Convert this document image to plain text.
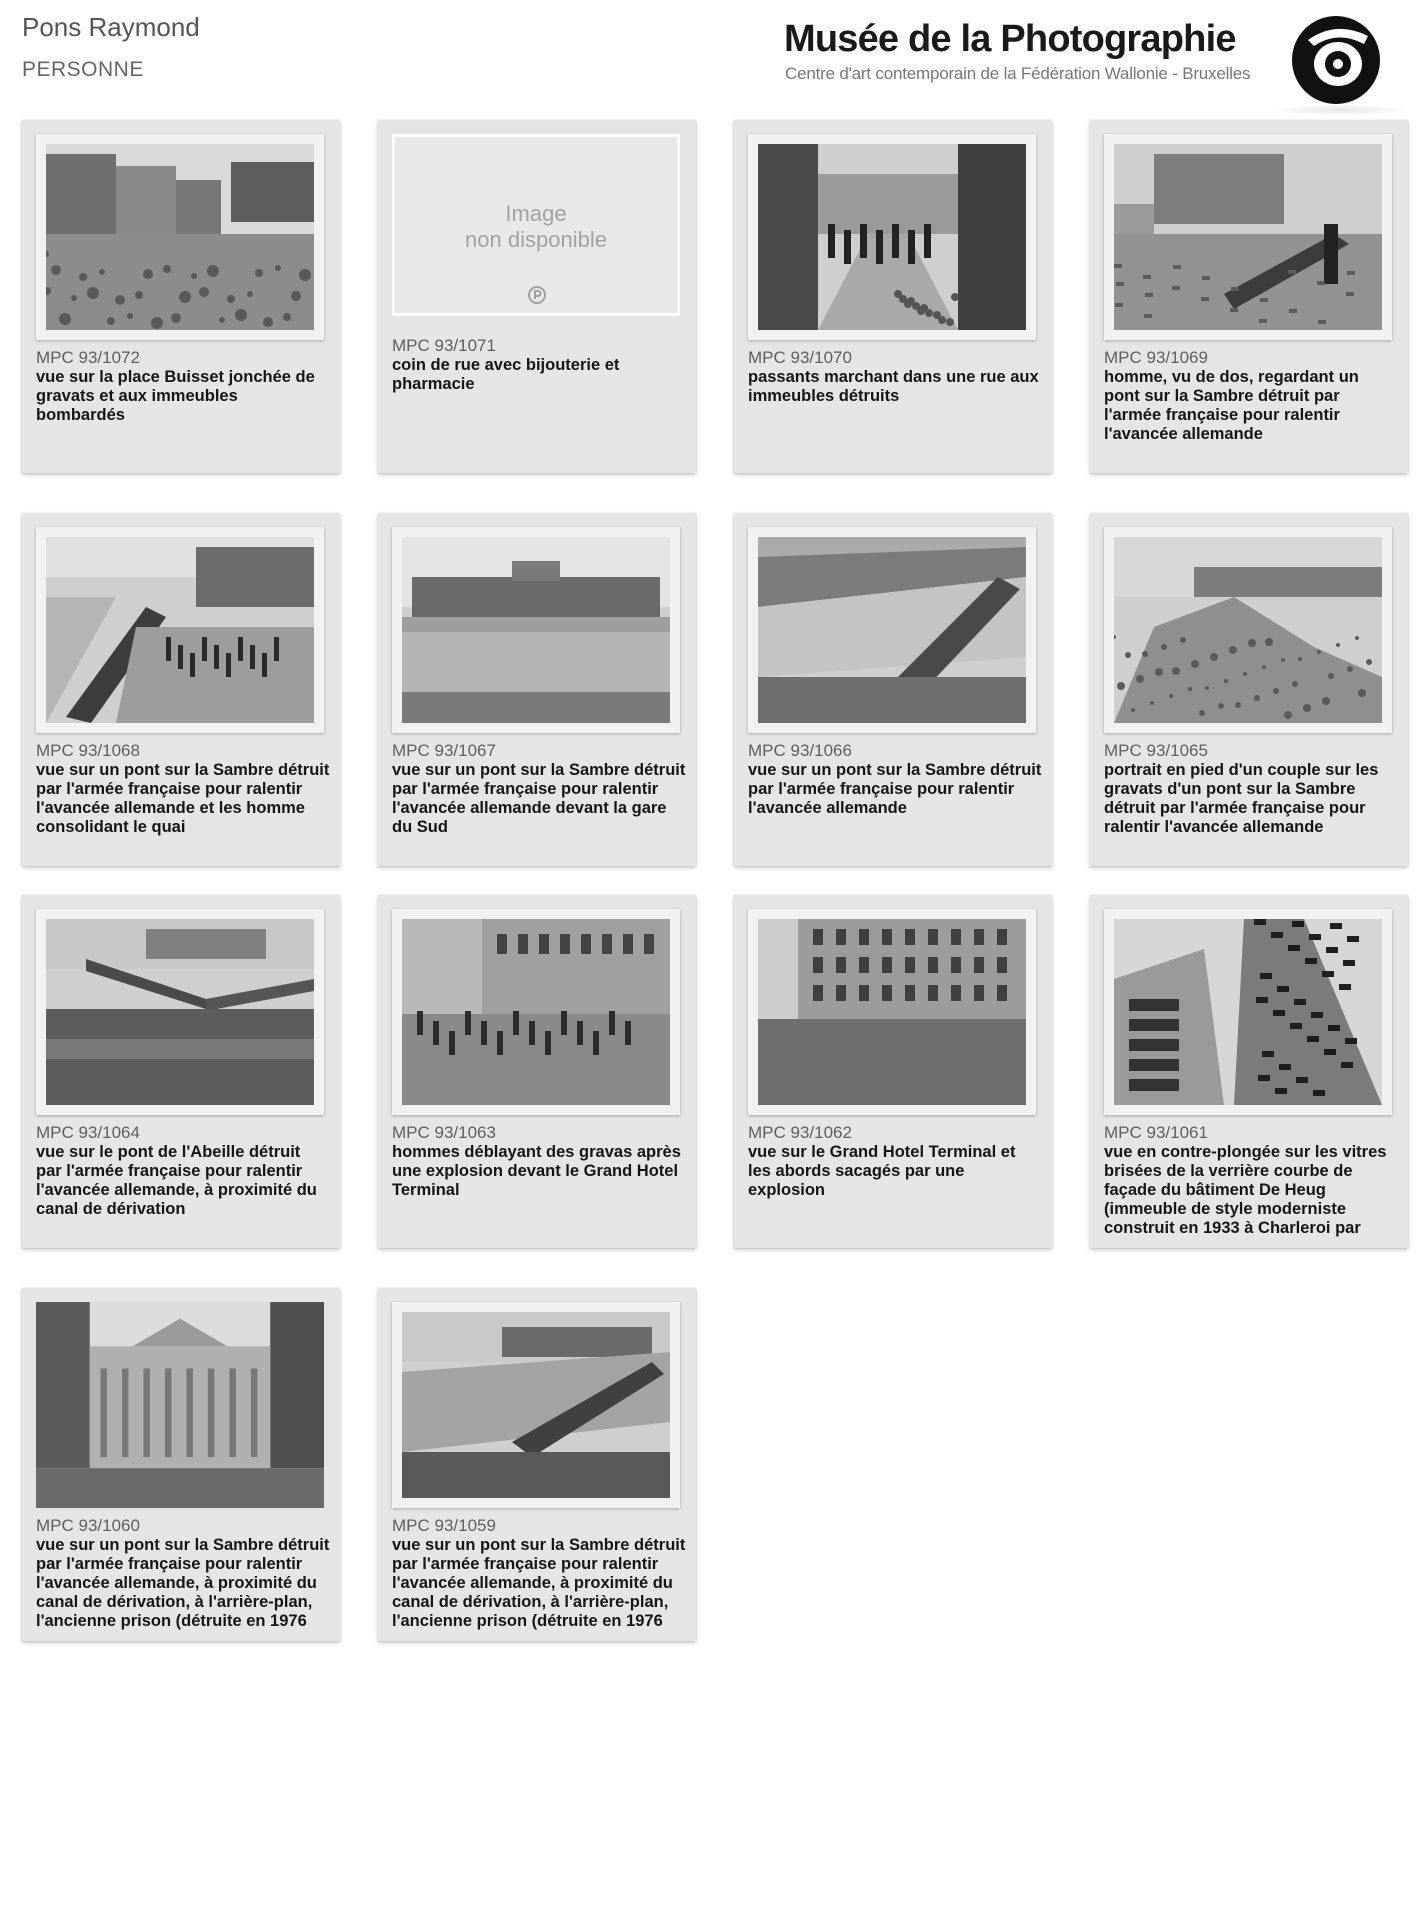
Pons Raymond
PERSONNE
Musée de la Photographie
Centre d'art contemporain de la Fédération Wallonie - Bruxelles
MPC 93/1072
vue sur la place Buisset jonchée de gravats et aux immeubles bombardés
Image
non disponible
MPC 93/1071
coin de rue avec bijouterie et pharmacie
MPC 93/1070
passants marchant dans une rue aux immeubles détruits
MPC 93/1069
homme, vu de dos, regardant un pont sur la Sambre détruit par l'armée française pour ralentir l'avancée allemande
MPC 93/1068
vue sur un pont sur la Sambre détruit par l'armée française pour ralentir l'avancée allemande et les homme consolidant le quai
MPC 93/1067
vue sur un pont sur la Sambre détruit par l'armée française pour ralentir l'avancée allemande devant la gare du Sud
MPC 93/1066
vue sur un pont sur la Sambre détruit par l'armée française pour ralentir l'avancée allemande
MPC 93/1065
portrait en pied d'un couple sur les gravats d'un pont sur la Sambre détruit par l'armée française pour ralentir l'avancée allemande
MPC 93/1064
vue sur le pont de l'Abeille détruit par l'armée française pour ralentir l'avancée allemande, à proximité du canal de dérivation
MPC 93/1063
hommes déblayant des gravas après une explosion devant le Grand Hotel Terminal
MPC 93/1062
vue sur le Grand Hotel Terminal et les abords sacagés par une explosion
MPC 93/1061
vue en contre-plongée sur les vitres brisées de la verrière courbe de façade du bâtiment De Heug (immeuble de style moderniste construit en 1933 à Charleroi par
MPC 93/1060
vue sur un pont sur la Sambre détruit par l'armée française pour ralentir l'avancée allemande, à proximité du canal de dérivation, à l'arrière-plan, l'ancienne prison (détruite en 1976
MPC 93/1059
vue sur un pont sur la Sambre détruit par l'armée française pour ralentir l'avancée allemande, à proximité du canal de dérivation, à l'arrière-plan, l'ancienne prison (détruite en 1976
